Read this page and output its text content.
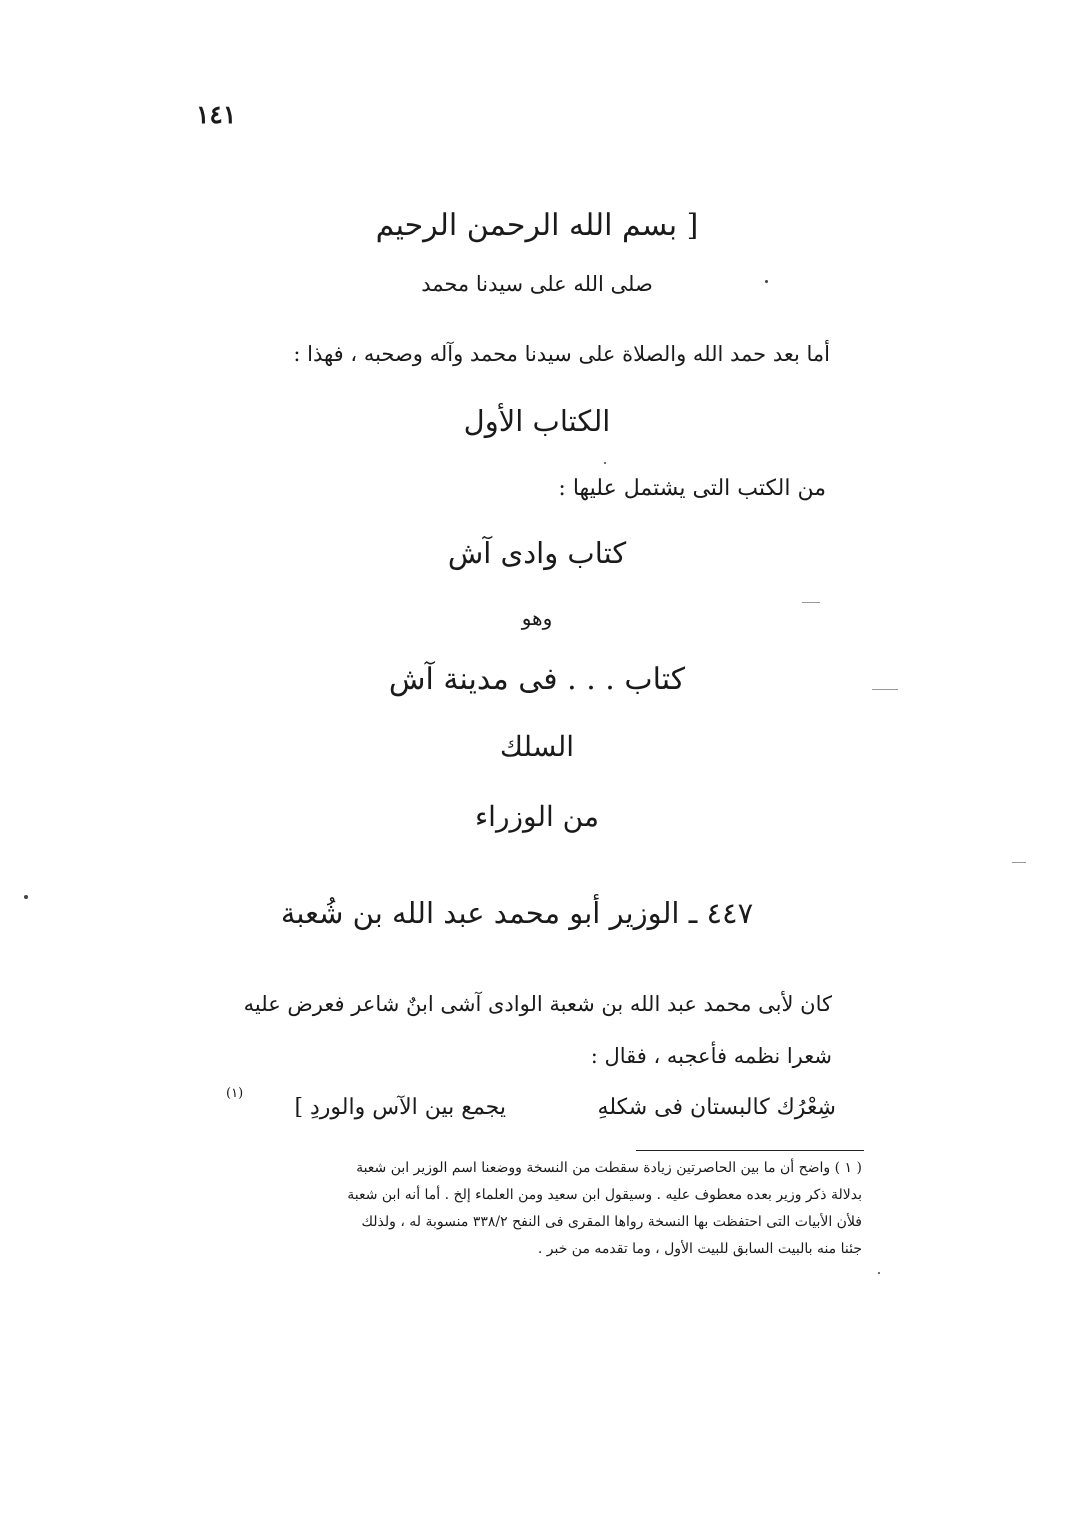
١٤١
[ بسم الله الرحمن الرحيم
صلى الله على سيدنا محمد
أما بعد حمد الله والصلاة على سيدنا محمد وآله وصحبه ، فهذا :
الكتاب الأول
من الكتب التى يشتمل عليها :
كتاب وادى آش
وهو
كتاب . . . فى مدينة آش
السلك
من الوزراء
٤٤٧ ـ الوزير أبو محمد عبد الله بن شُعبة
كان لأبى محمد عبد الله بن شعبة الوادى آشى ابنٌ شاعر فعرض عليه
شعرا نظمه فأعجبه ، فقال :
شِعْرُك كالبستان فى شكلهِ
يجمع بين الآس والوردِ ]
(١)
( ١ ) واضح أن ما بين الحاصرتين زيادة سقطت من النسخة ووضعنا اسم الوزير ابن شعبة
بدلالة ذكر وزير بعده معطوف عليه . وسيقول ابن سعيد ومن العلماء إلخ . أما أنه ابن شعبة
فلأن الأبيات التى احتفظت بها النسخة رواها المقرى فى النفح ٣٣٨/٢ منسوبة له ، ولذلك
جئنا منه بالبيت السابق للبيت الأول ، وما تقدمه من خبر .
